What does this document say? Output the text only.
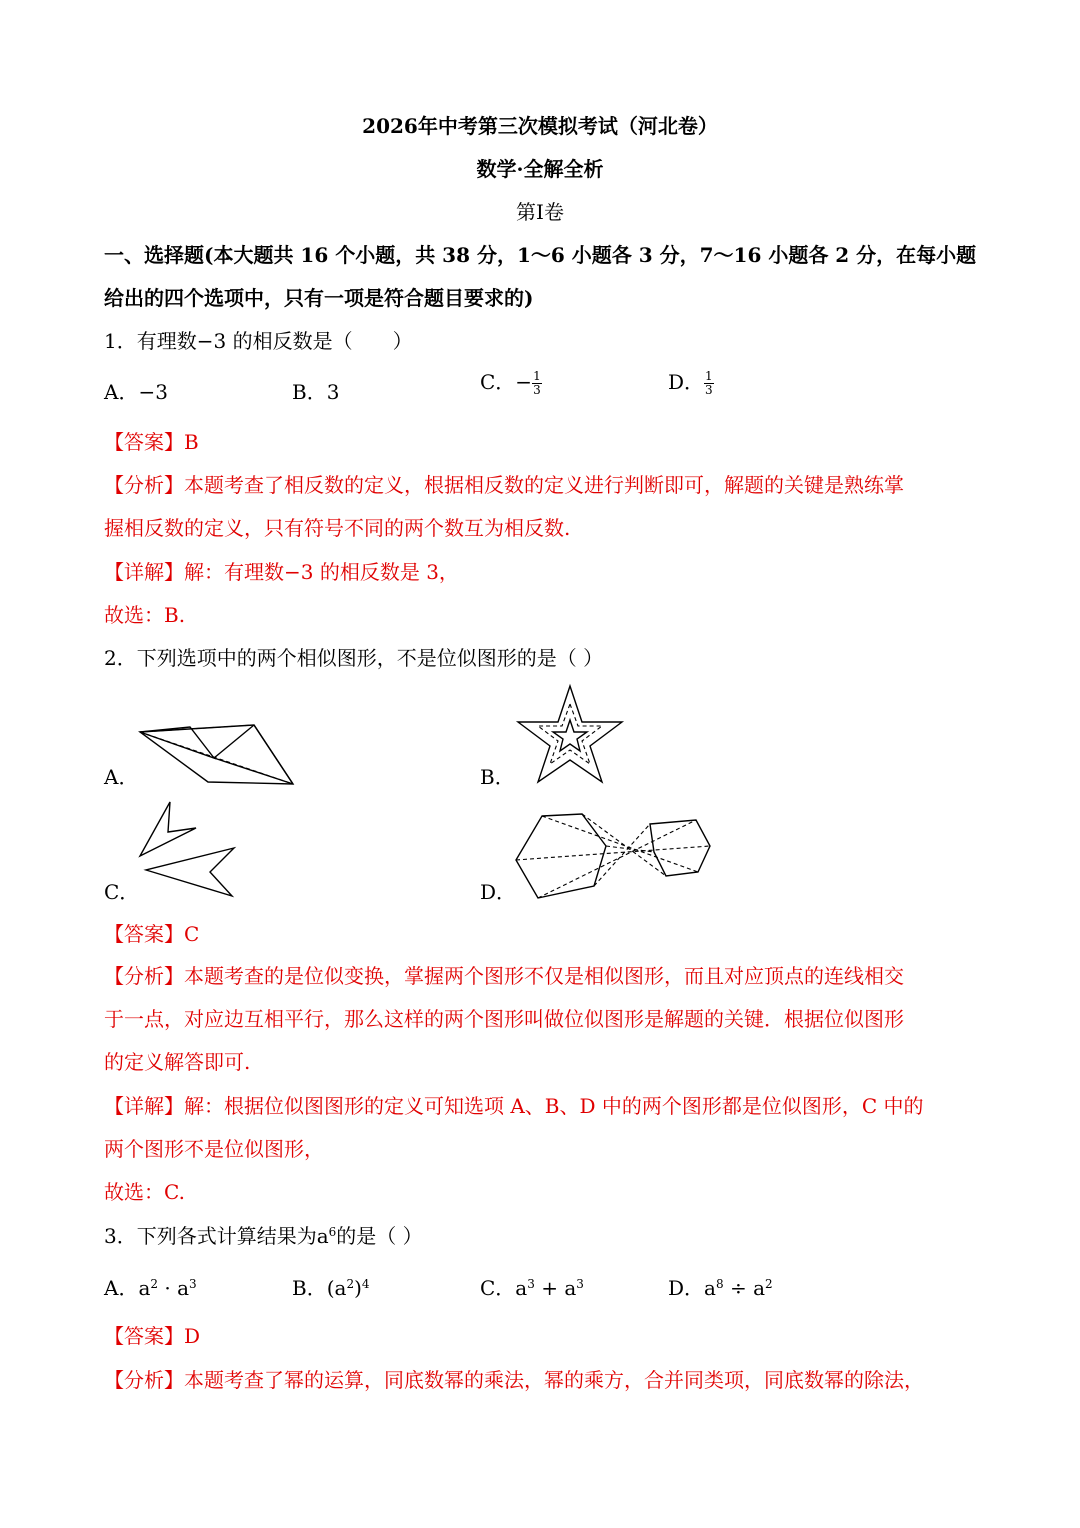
2026年中考第三次模拟考试（河北卷）
数学·全解全析
第Ⅰ卷
一、选择题(本大题共 16 个小题，共 38 分，1～6 小题各 3 分，7～16 小题各 2 分，在每小题
给出的四个选项中，只有一项是符合题目要求的)
1．有理数−3 的相反数是（　　）
A．−3	B．3	C．− $\frac{1}{3}$	D． $\frac{1}{3}$
【答案】B
【分析】本题考查了相反数的定义，根据相反数的定义进行判断即可，解题的关键是熟练掌
握相反数的定义，只有符号不同的两个数互为相反数.
【详解】解：有理数−3 的相反数是 3，
故选：B.
2．下列选项中的两个相似图形，不是位似图形的是（ ）
A．	B．
C．	D．
【答案】C
【分析】本题考查的是位似变换，掌握两个图形不仅是相似图形，而且对应顶点的连线相交
于一点，对应边互相平行，那么这样的两个图形叫做位似图形是解题的关键．根据位似图形
的定义解答即可.
【详解】解：根据位似图图形的定义可知选项 A、B、D 中的两个图形都是位似图形，C 中的
两个图形不是位似图形，
故选：C.
3．下列各式计算结果为$a^6$的是（ ）
A．$a^2 \cdot a^3$	B．$(a^2)^4$	C．$a^3 + a^3$	D．$a^8 \div a^2$
【答案】D
【分析】本题考查了幂的运算，同底数幂的乘法，幂的乘方，合并同类项，同底数幂的除法，
